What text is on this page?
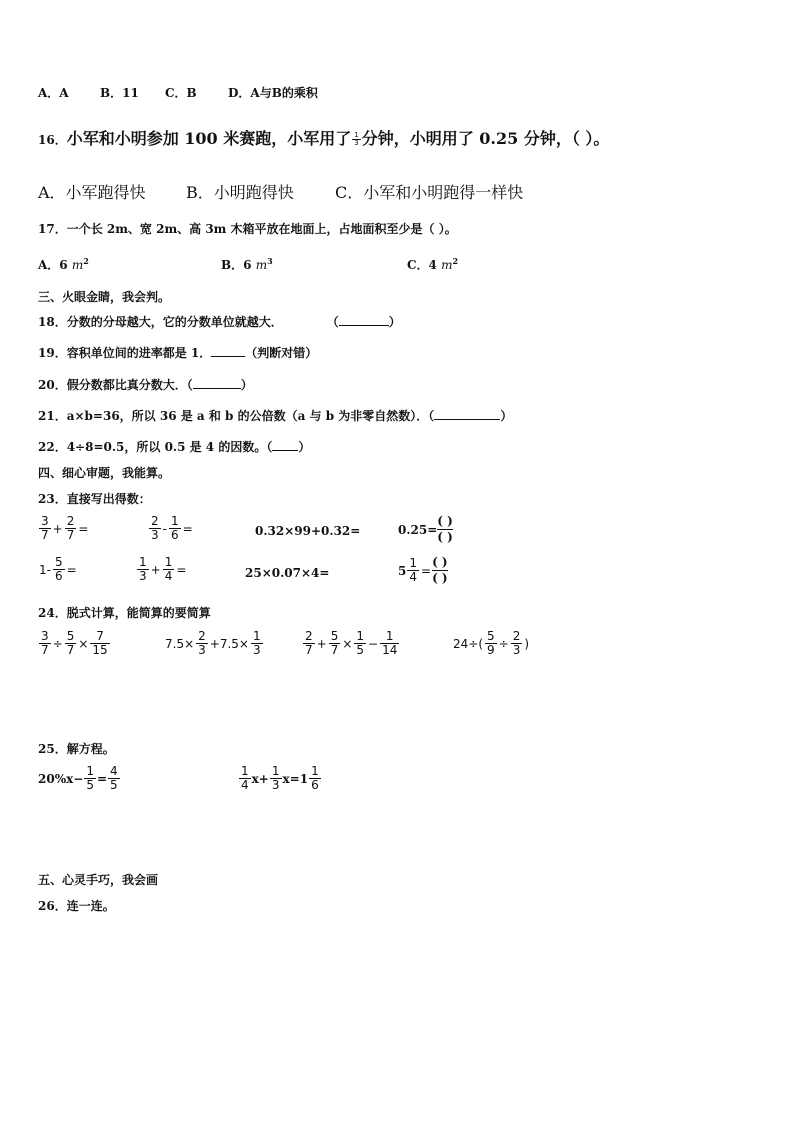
A．A	B．11 C．B	D．A与B的乘积
16．小军和小明参加 100 米赛跑，小军用了 $\frac{1}{3}$ 分钟，小明用了 0.25 分钟，（ ）。
A．小军跑得快	B．小明跑得快	C．小军和小明跑得一样快
17．一个长 2m、宽 2m、高 3m 木箱平放在地面上，占地面积至少是（ ）。
A．6 $m^2$	B．6 $m^3$	C．4 $m^2$
三、火眼金睛，我会判。
18．分数的分母越大，它的分数单位就越大．	（	）
19．容积单位间的进率都是 1．	（判断对错）
20．假分数都比真分数大．（	）
21．a×b=36，所以 36 是 a 和 b 的公倍数（a 与 b 为非零自然数）．（	）
22．4÷8=0.5，所以 0.5 是 4 的因数。（ ）
四、细心审题，我能算。
23．直接写出得数：
$\frac{3}{7} + \frac{2}{7}$ =	$\frac{2}{3} - \frac{1}{6}$ =	0.32×99+0.32=	$0.25= \frac{( )}{( )}$
$1- \frac{5}{6}$ =	$\frac{1}{3} + \frac{1}{4}$ =	25×0.07×4=	$5 \frac{1}{4} = \frac{( )}{( )}$
24．脱式计算，能简算的要简算
$\frac{3}{7} \div \frac{5}{7} \times \frac{7}{15}$	$7.5\times \frac{2}{3} +7.5\times \frac{1}{3}$	$\frac{2}{7} + \frac{5}{7} \times \frac{1}{5} - \frac{1}{14}$	$24\div( \frac{5}{9} \div \frac{2}{3}$ )
25．解方程。
$20\%x- \frac{1}{5} = \frac{4}{5}$	$\frac{1}{4} x+ \frac{1}{3} x=1 \frac{1}{6}$
五、心灵手巧，我会画
26．连一连。
